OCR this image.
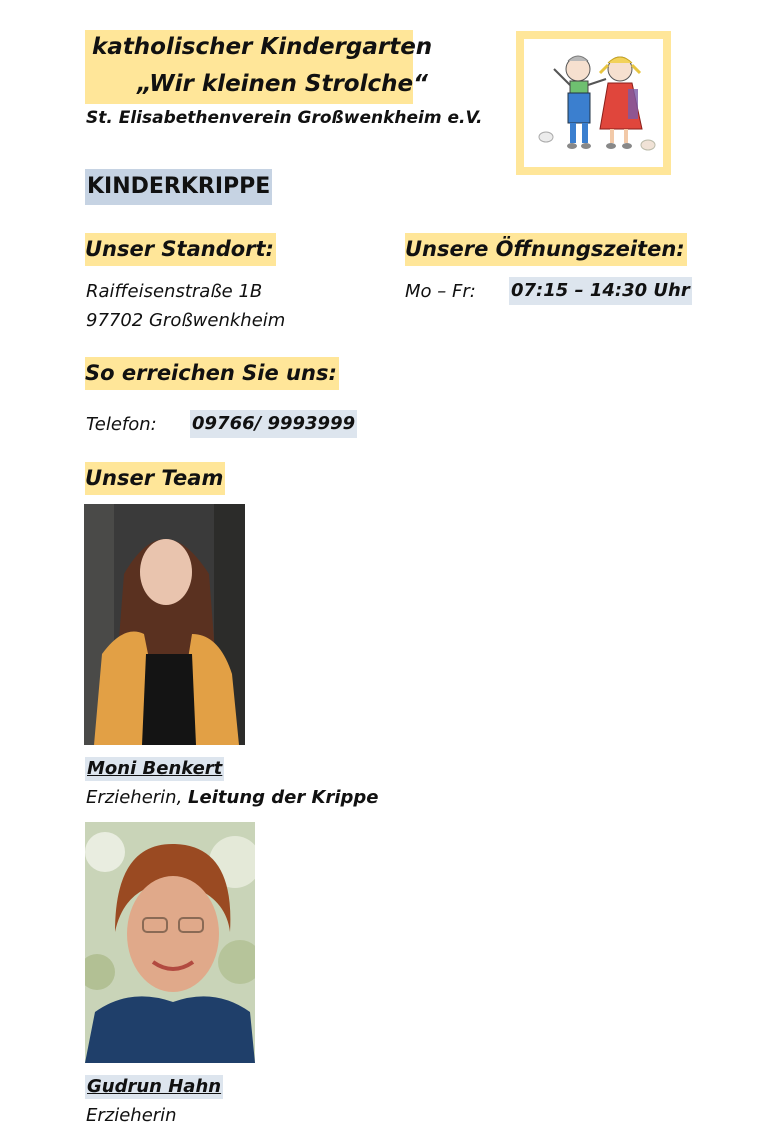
katholischer Kindergarten
„Wir kleinen Strolche“
St. Elisabethenverein Großwenkheim e.V.
KINDERKRIPPE
Unser Standort:
Raiffeisenstraße 1B
97702 Großwenkheim
Unsere Öffnungszeiten:
Mo – Fr: 07:15 – 14:30 Uhr
So erreichen Sie uns:
Telefon: 09766/ 9993999
Unser Team
Moni Benkert
Erzieherin, Leitung der Krippe
Gudrun Hahn
Erzieherin
